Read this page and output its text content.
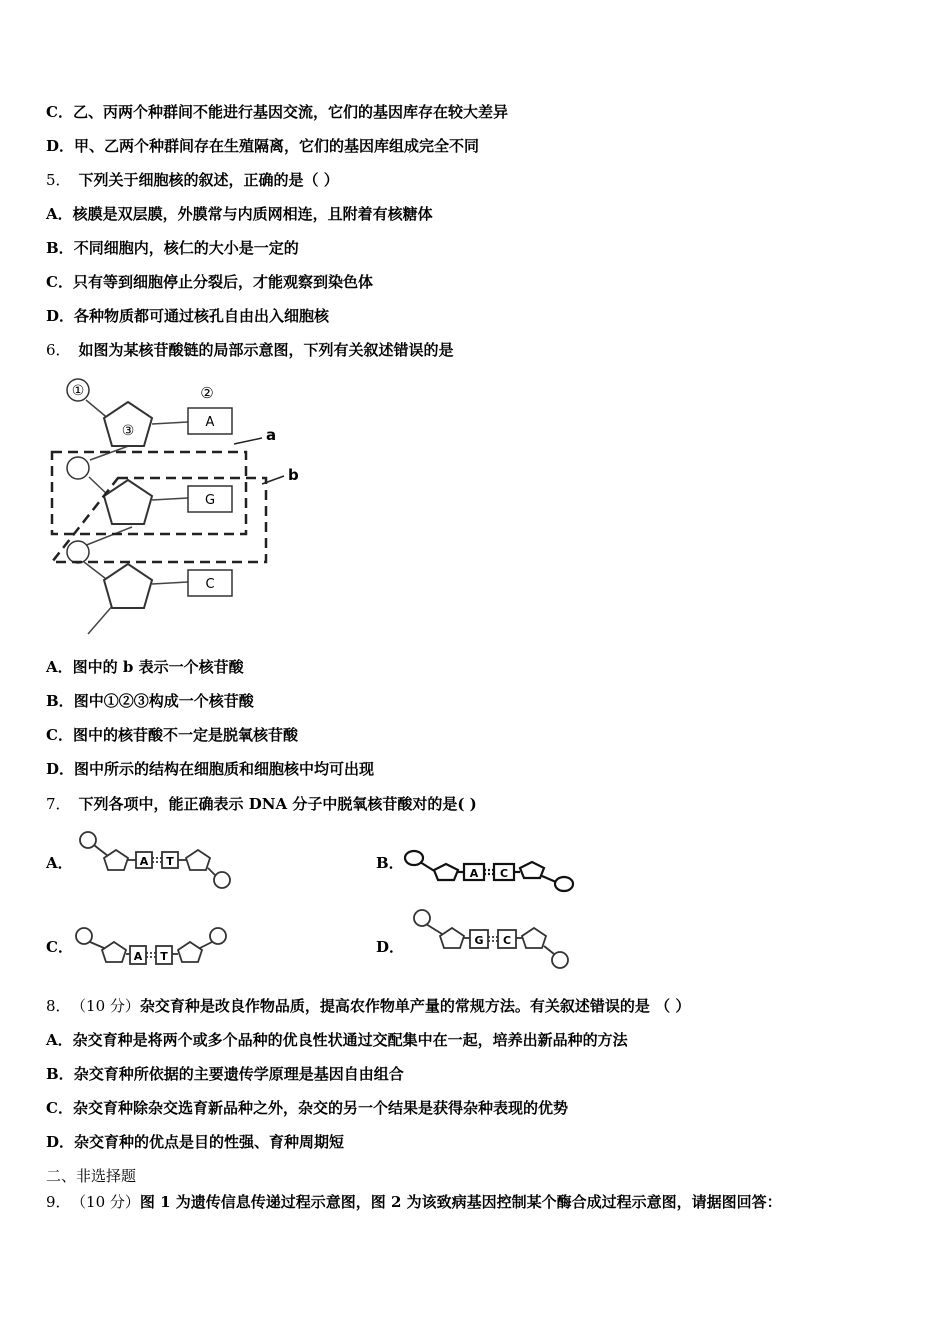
C．乙、丙两个种群间不能进行基因交流，它们的基因库存在较大差异
D．甲、乙两个种群间存在生殖隔离，它们的基因库组成完全不同
5． 下列关于细胞核的叙述，正确的是（ ）
A．核膜是双层膜，外膜常与内质网相连，且附着有核糖体
B．不同细胞内，核仁的大小是一定的
C．只有等到细胞停止分裂后，才能观察到染色体
D．各种物质都可通过核孔自由出入细胞核
6． 如图为某核苷酸链的局部示意图，下列有关叙述错误的是
①
③
②
A
G
C
a
b
A．图中的 b 表示一个核苷酸
B．图中①②③构成一个核苷酸
C．图中的核苷酸不一定是脱氧核苷酸
D．图中所示的结构在细胞质和细胞核中均可出现
7． 下列各项中，能正确表示 DNA 分子中脱氧核苷酸对的是( )
A．	A T	B．
A C
C．
A T
D．	G C
8． （10 分）杂交育种是改良作物品质，提高农作物单产量的常规方法。有关叙述错误的是 （ ）
A．杂交育种是将两个或多个品种的优良性状通过交配集中在一起，培养出新品种的方法
B．杂交育种所依据的主要遗传学原理是基因自由组合
C．杂交育种除杂交选育新品种之外，杂交的另一个结果是获得杂种表现的优势
D．杂交育种的优点是目的性强、育种周期短
二、非选择题
9． （10 分）图 1 为遗传信息传递过程示意图，图 2 为该致病基因控制某个酶合成过程示意图，请据图回答：
